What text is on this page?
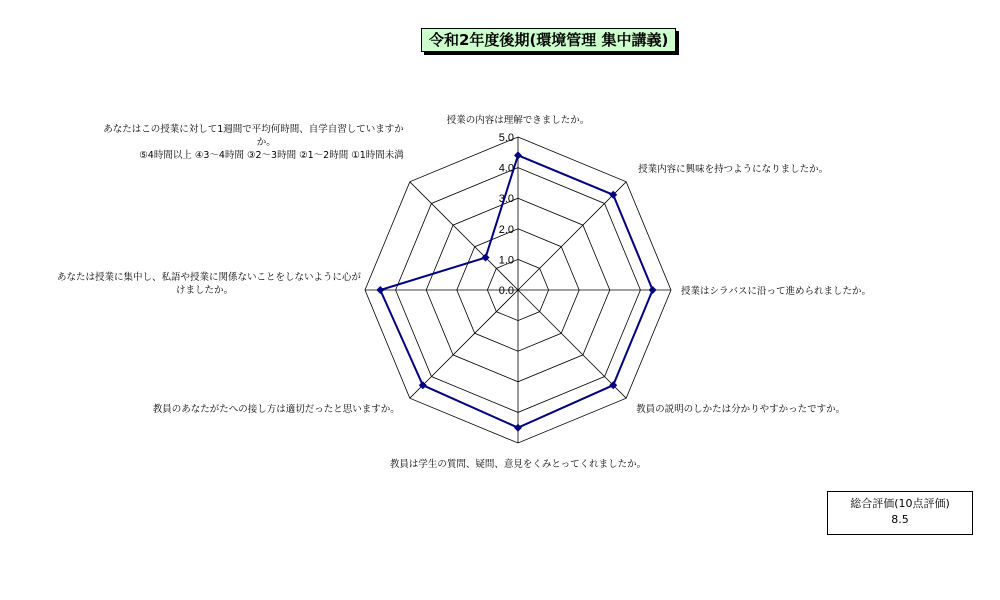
0.0
1.0
2.0
3.0
4.0
5.0
授業の内容は理解できましたか。
授業内容に興味を持つようになりましたか。
授業はシラバスに沿って進められましたか。
教員の説明のしかたは分かりやすかったですか。
教員は学生の質問、疑問、意見をくみとってくれましたか。
教員のあなたがたへの接し方は適切だったと思いますか。
あなたは授業に集中し、私語や授業に関係ないことをしないように心がけましたか。
あなたはこの授業に対して1週間で平均何時間、自学自習していますかか。 ⑤4時間以上 ④3～4時間 ③2～3時間 ②1～2時間 ①1時間未満
令和2年度後期(環境管理 集中講義)
総合評価(10点評価)
8.5
